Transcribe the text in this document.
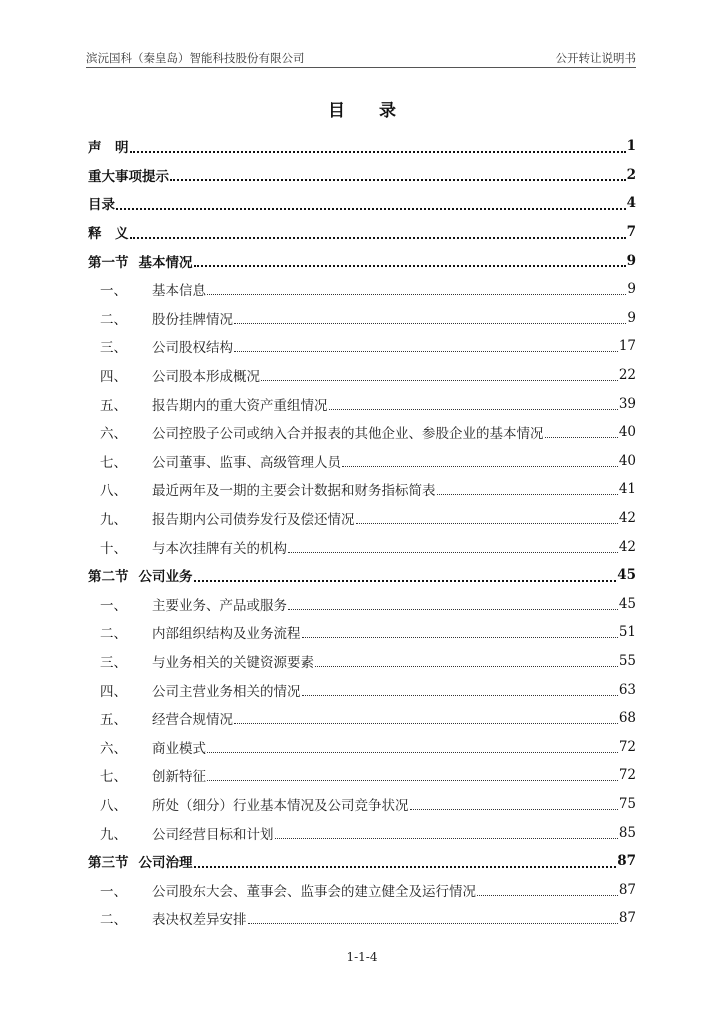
滨沅国科（秦皇岛）智能科技股份有限公司	公开转让说明书
目 录
声　明	1
重大事项提示	2
目录	4
释　义	7
第一节 基本情况	9
一、	基本信息	9
二、	股份挂牌情况	9
三、	公司股权结构	17
四、	公司股本形成概况	22
五、	报告期内的重大资产重组情况	39
六、	公司控股子公司或纳入合并报表的其他企业、参股企业的基本情况	40
七、	公司董事、监事、高级管理人员	40
八、	最近两年及一期的主要会计数据和财务指标简表	41
九、	报告期内公司债券发行及偿还情况	42
十、	与本次挂牌有关的机构	42
第二节 公司业务	45
一、	主要业务、产品或服务	45
二、	内部组织结构及业务流程	51
三、	与业务相关的关键资源要素	55
四、	公司主营业务相关的情况	63
五、	经营合规情况	68
六、	商业模式	72
七、	创新特征	72
八、	所处（细分）行业基本情况及公司竞争状况	75
九、	公司经营目标和计划	85
第三节 公司治理	87
一、	公司股东大会、董事会、监事会的建立健全及运行情况	87
二、	表决权差异安排	87
1-1-4
